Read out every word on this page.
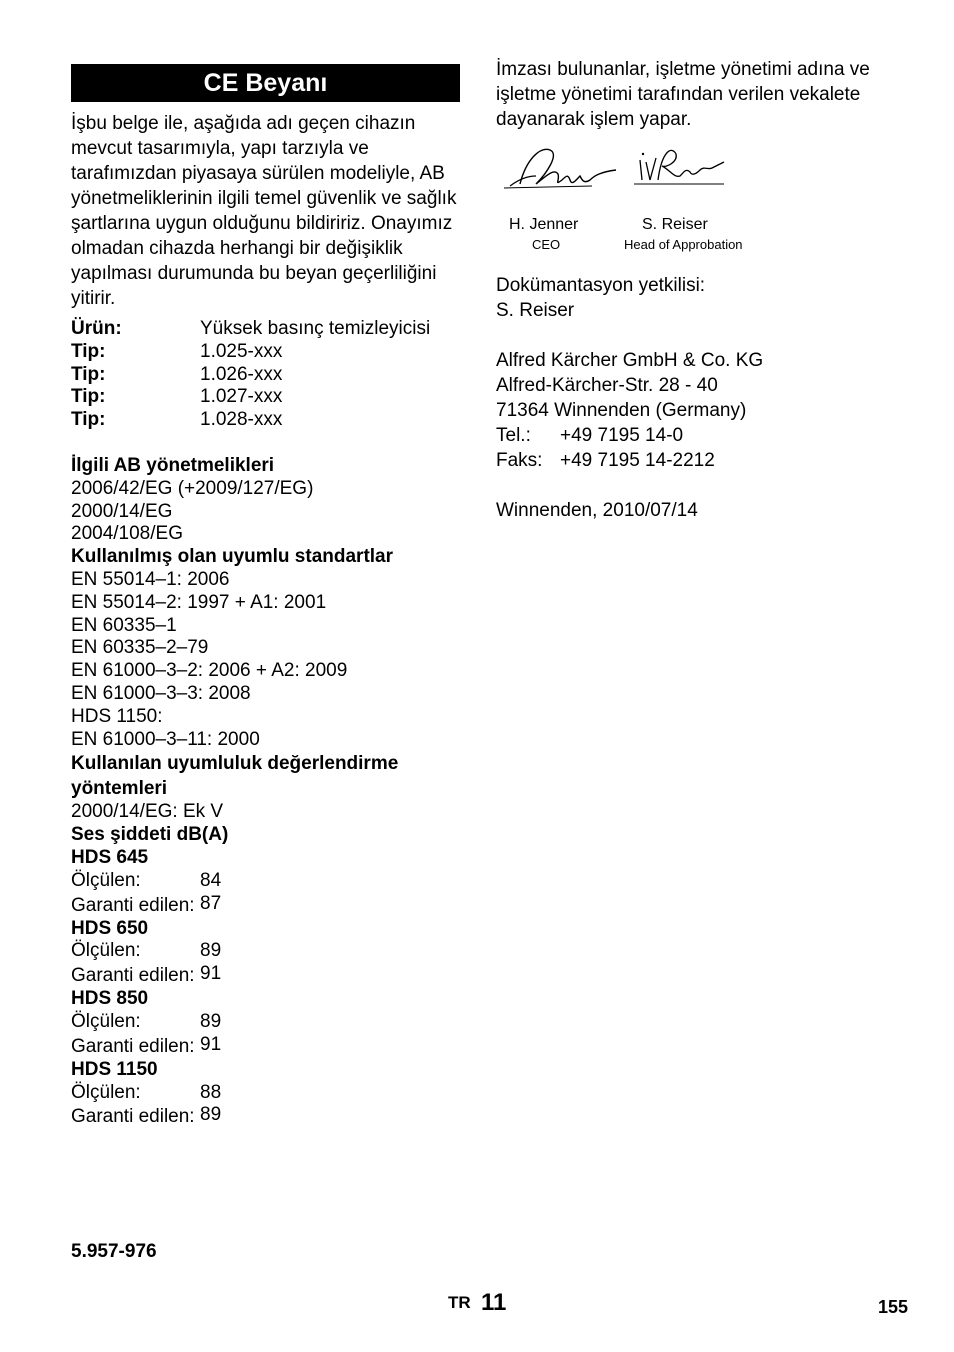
CE Beyanı
İşbu belge ile, aşağıda adı geçen cihazın mevcut tasarımıyla, yapı tarzıyla ve tarafımızdan piyasaya sürülen modeliyle, AB yönetmeliklerinin ilgili temel güvenlik ve sağlık şartlarına uygun olduğunu bildiririz. Onayımız olmadan cihazda herhangi bir değişiklik yapılması durumunda bu beyan geçerliliğini yitirir.
Ürün:	Yüksek basınç temizleyicisi
Tip:	1.025-xxx
Tip:	1.026-xxx
Tip:	1.027-xxx
Tip:	1.028-xxx
İlgili AB yönetmelikleri
2006/42/EG (+2009/127/EG)
2000/14/EG
2004/108/EG
Kullanılmış olan uyumlu standartlar
EN 55014–1: 2006
EN 55014–2: 1997 + A1: 2001
EN 60335–1
EN 60335–2–79
EN 61000–3–2: 2006 + A2: 2009
EN 61000–3–3: 2008
HDS 1150:
EN 61000–3–11: 2000
Kullanılan uyumluluk değerlendirme yöntemleri
2000/14/EG: Ek V
Ses şiddeti dB(A)
HDS 645
Ölçülen:	84
Garanti edilen: 87
HDS 650
Ölçülen:	89
Garanti edilen: 91
HDS 850
Ölçülen:	89
Garanti edilen: 91
HDS 1150
Ölçülen:	88
Garanti edilen: 89
5.957-976
İmzası bulunanlar, işletme yönetimi adına ve işletme yönetimi tarafından verilen vekalete dayanarak işlem yapar.
H. Jenner
CEO
S. Reiser
Head of Approbation
Dokümantasyon yetkilisi:
S. Reiser
Alfred Kärcher GmbH & Co. KG
Alfred-Kärcher-Str. 28 - 40
71364 Winnenden (Germany)
Tel.:	+49 7195 14-0
Faks: +49 7195 14-2212
Winnenden, 2010/07/14
TR 11	155
